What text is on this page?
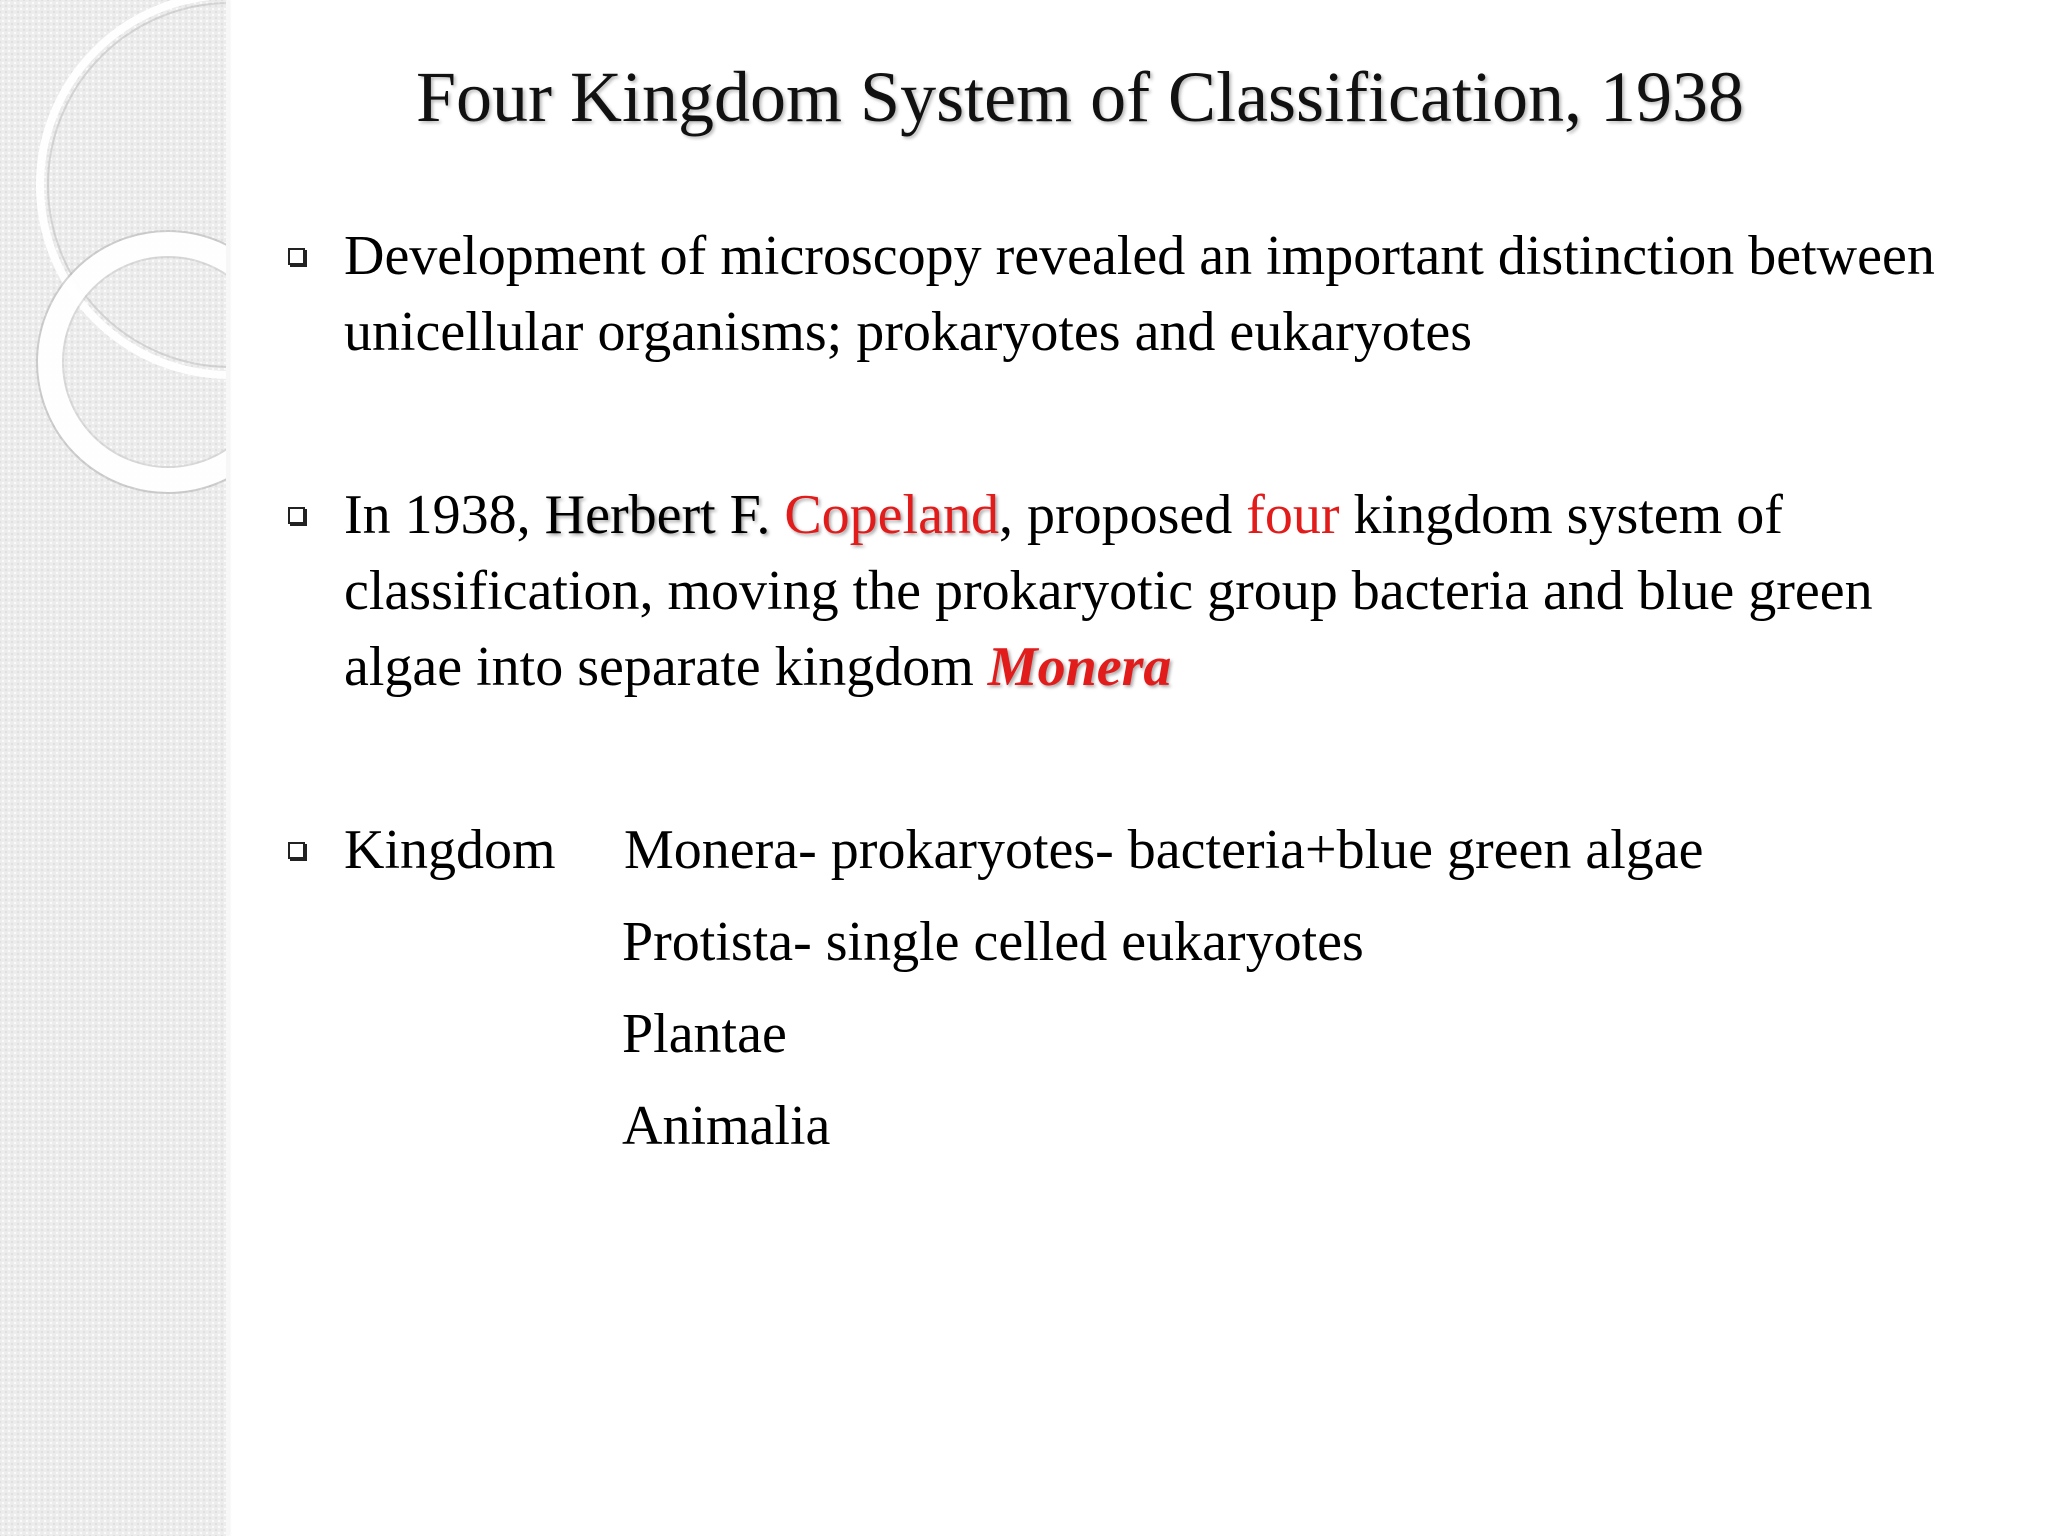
Four Kingdom System of Classification, 1938
Development of microscopy revealed an important distinction between unicellular organisms; prokaryotes and eukaryotes
In 1938, Herbert F. Copeland, proposed four kingdom system of classification, moving the prokaryotic group bacteria and blue green algae into separate kingdom Monera
Kingdom Monera- prokaryotes- bacteria+blue green algae
Protista- single celled eukaryotes
Plantae
Animalia
